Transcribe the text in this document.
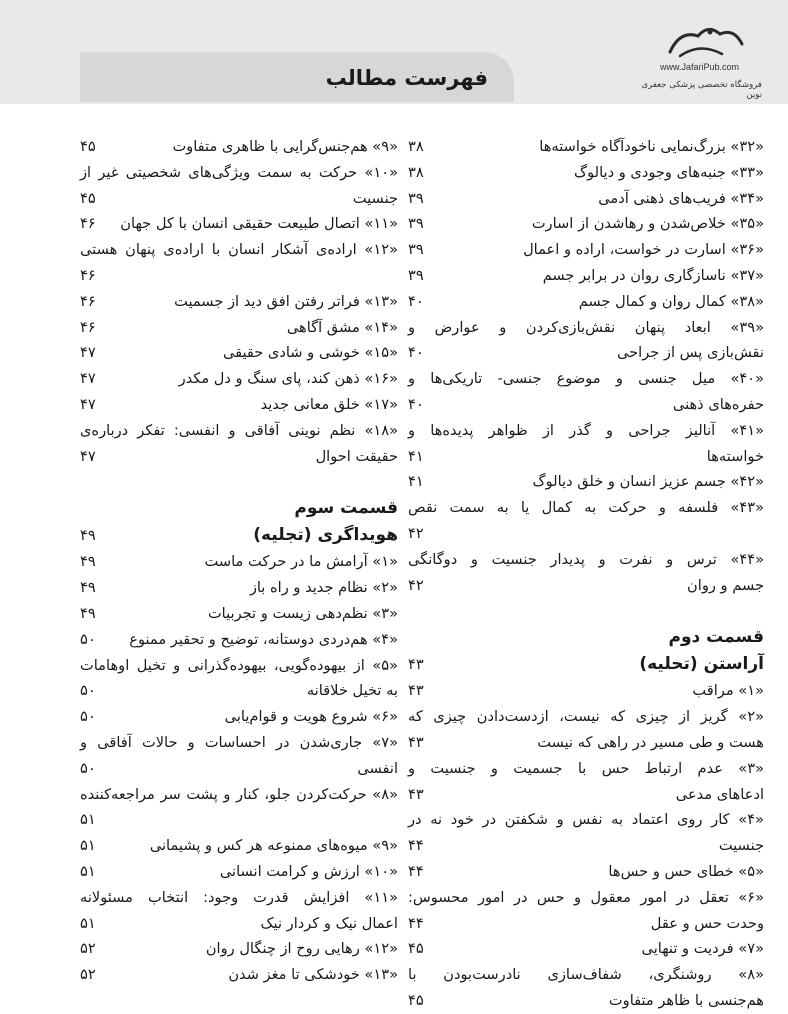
فهرست مطالب	www.JafariPub.com
فروشگاه تخصصی پزشکی جعفری نوین
«۳۲» بزرگ‌نمایی ناخودآگاه خواسته‌ها
۳۸
«۳۳» جنبه‌های وجودی و دیالوگ
۳۸
«۳۴» فریب‌های ذهنی آدمی
۳۹
«۳۵» خلاص‌شدن و رهاشدن از اسارت
۳۹
«۳۶» اسارت در خواست، اراده و اعمال
۳۹
«۳۷» ناسازگاری روان در برابر جسم
۳۹
«۳۸» کمال روان و کمال جسم
۴۰
«۳۹» ابعاد پنهان نقش‌بازی‌کردن و عوارض و
نقش‌بازی پس از جراحی
۴۰
«۴۰» میل جنسی و موضوع جنسی- تاریکی‌ها و
حفره‌های ذهنی
۴۰
«۴۱» آنالیز جراحی و گذر از ظواهر پدیده‌ها و
خواسته‌ها
۴۱
«۴۲» جسم عزیز انسان و خلق دیالوگ
۴۱
«۴۳» فلسفه و حرکت به کمال یا به سمت نقص
۴۲
«۴۴» ترس و نفرت و پدیدار جنسیت و دوگانگی
جسم و روان
۴۲
قسمت دوم
آراستن (تحلیه)
۴۳
«۱» مراقب
۴۳
«۲» گریز از چیزی که نیست، ازدست‌دادن چیزی که
هست و طی مسیر در راهی که نیست
۴۳
«۳» عدم ارتباط حس با جسمیت و جنسیت و
ادعاهای مدعی
۴۳
«۴» کار روی اعتماد به نفس و شکفتن در خود نه در
جنسیت
۴۴
«۵» خطای حس و حس‌ها
۴۴
«۶» تعقل در امور معقول و حس در امور محسوس:
وحدت حس و عقل
۴۴
«۷» فردیت و تنهایی
۴۵
«۸» روشنگری، شفاف‌سازی نادرست‌بودن با
هم‌جنسی با ظاهر متفاوت
۴۵
«۹» هم‌جنس‌گرایی با ظاهری متفاوت
۴۵
«۱۰» حرکت به سمت ویژگی‌های شخصیتی غیر از
جنسیت
۴۵
«۱۱» اتصال طبیعت حقیقی انسان با کل جهان
۴۶
«۱۲» اراده‌ی آشکار انسان با اراده‌ی پنهان هستی
۴۶
«۱۳» فراتر رفتن افق دید از جسمیت
۴۶
«۱۴» مشق آگاهی
۴۶
«۱۵» خوشی و شادی حقیقی
۴۷
«۱۶» ذهن کند، پای سنگ و دل مکدر
۴۷
«۱۷» خلق معانی جدید
۴۷
«۱۸» نظم نوینی آفاقی و انفسی: تفکر درباره‌ی
حقیقت احوال
۴۷
قسمت سوم
هویداگری (تجلیه)
۴۹
«۱» آرامش ما در حرکت ماست
۴۹
«۲» نظام جدید و راه باز
۴۹
«۳» نظم‌دهی زیست و تجربیات
۴۹
«۴» هم‌دردی دوستانه، توضیح و تحقیر ممنوع
۵۰
«۵» از بیهوده‌گویی، بیهوده‌گذرانی و تخیل اوهامات
به تخیل خلاقانه
۵۰
«۶» شروع هویت و قوام‌یابی
۵۰
«۷» جاری‌شدن در احساسات و حالات آفاقی و
انفسی
۵۰
«۸» حرکت‌کردن جلو، کنار و پشت سر مراجعه‌کننده
۵۱
«۹» میوه‌های ممنوعه هر کس و پشیمانی
۵۱
«۱۰» ارزش و کرامت انسانی
۵۱
«۱۱» افزایش قدرت وجود: انتخاب مسئولانه
اعمال نیک و کردار نیک
۵۱
«۱۲» رهایی روح از چنگال روان
۵۲
«۱۳» خودشکی تا مغز شدن
۵۲
